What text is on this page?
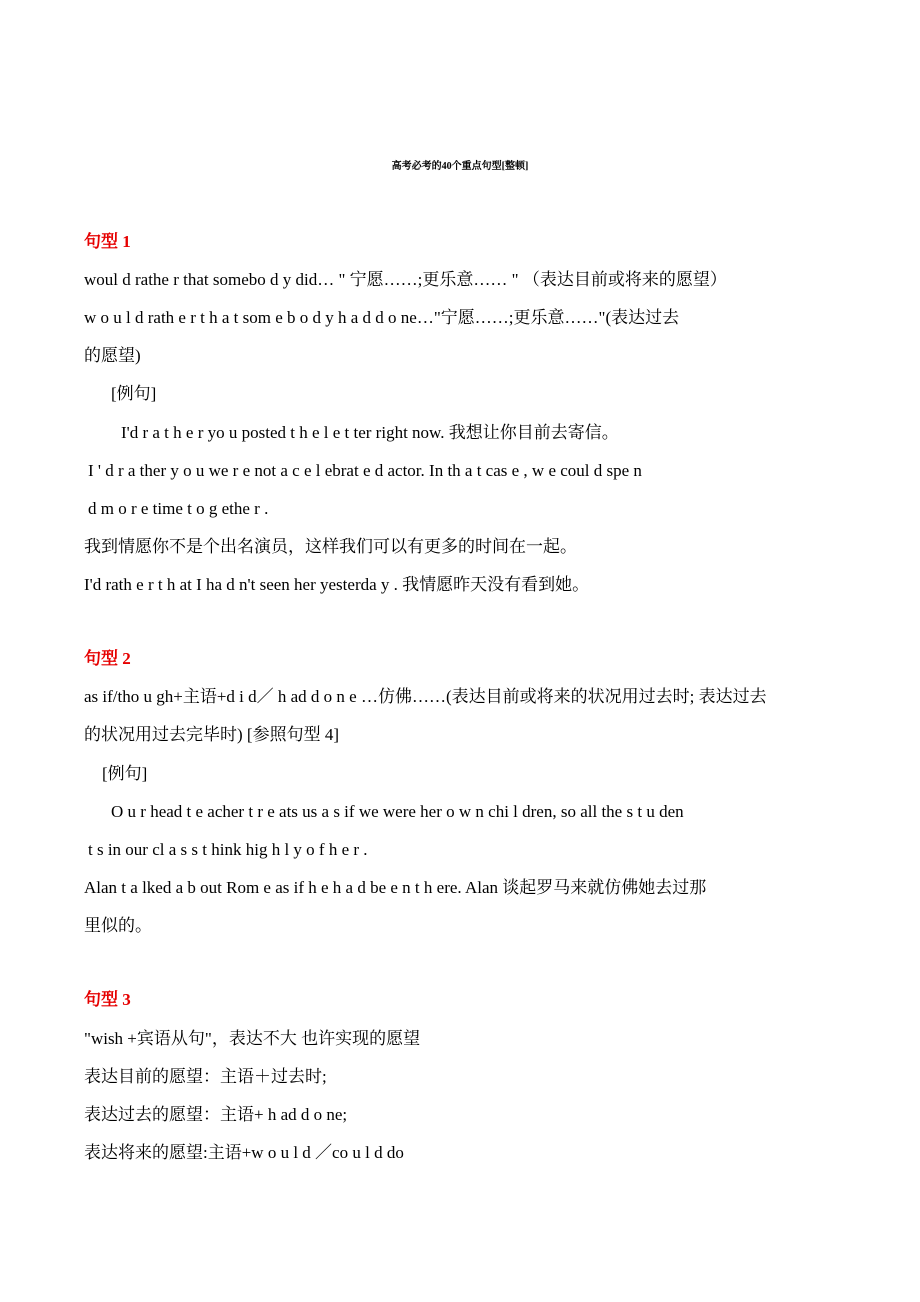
高考必考的40个重点句型[整顿]
句型 1
woul d rathe r that somebo d y did… " 宁愿……;更乐意…… " （表达目前或将来的愿望）
w o u l d rath e r t h a t som e b o d y h a d d o ne…"宁愿……;更乐意……"(表达过去
的愿望)
[例句]
I'd r a t h e r yo u posted t h e l e t ter right now. 我想让你目前去寄信。
I ' d r a ther y o u we r e not a c e l ebrat e d actor. In th a t cas e , w e coul d spe n
d m o r e time t o g ethe r .
我到情愿你不是个出名演员，这样我们可以有更多的时间在一起。
I'd rath e r t h at I ha d n't seen her yesterda y . 我情愿昨天没有看到她。
句型 2
as if/tho u gh+主语+d i d／ h ad d o n e …仿佛……(表达目前或将来的状况用过去时; 表达过去
的状况用过去完毕时) [参照句型 4]
[例句]
O u r head t e acher t r e ats us a s if we were her o w n chi l dren, so all the s t u den
t s in our cl a s s t hink hig h l y o f h e r .
Alan t a lked a b out Rom e as if h e h a d be e n t h ere. Alan 谈起罗马来就仿佛她去过那
里似的。
句型 3
"wish +宾语从句"，表达不大 也许实现的愿望
表达目前的愿望：主语＋过去时;
表达过去的愿望：主语+ h ad d o ne;
表达将来的愿望:主语+w o u l d ／co u l d do
